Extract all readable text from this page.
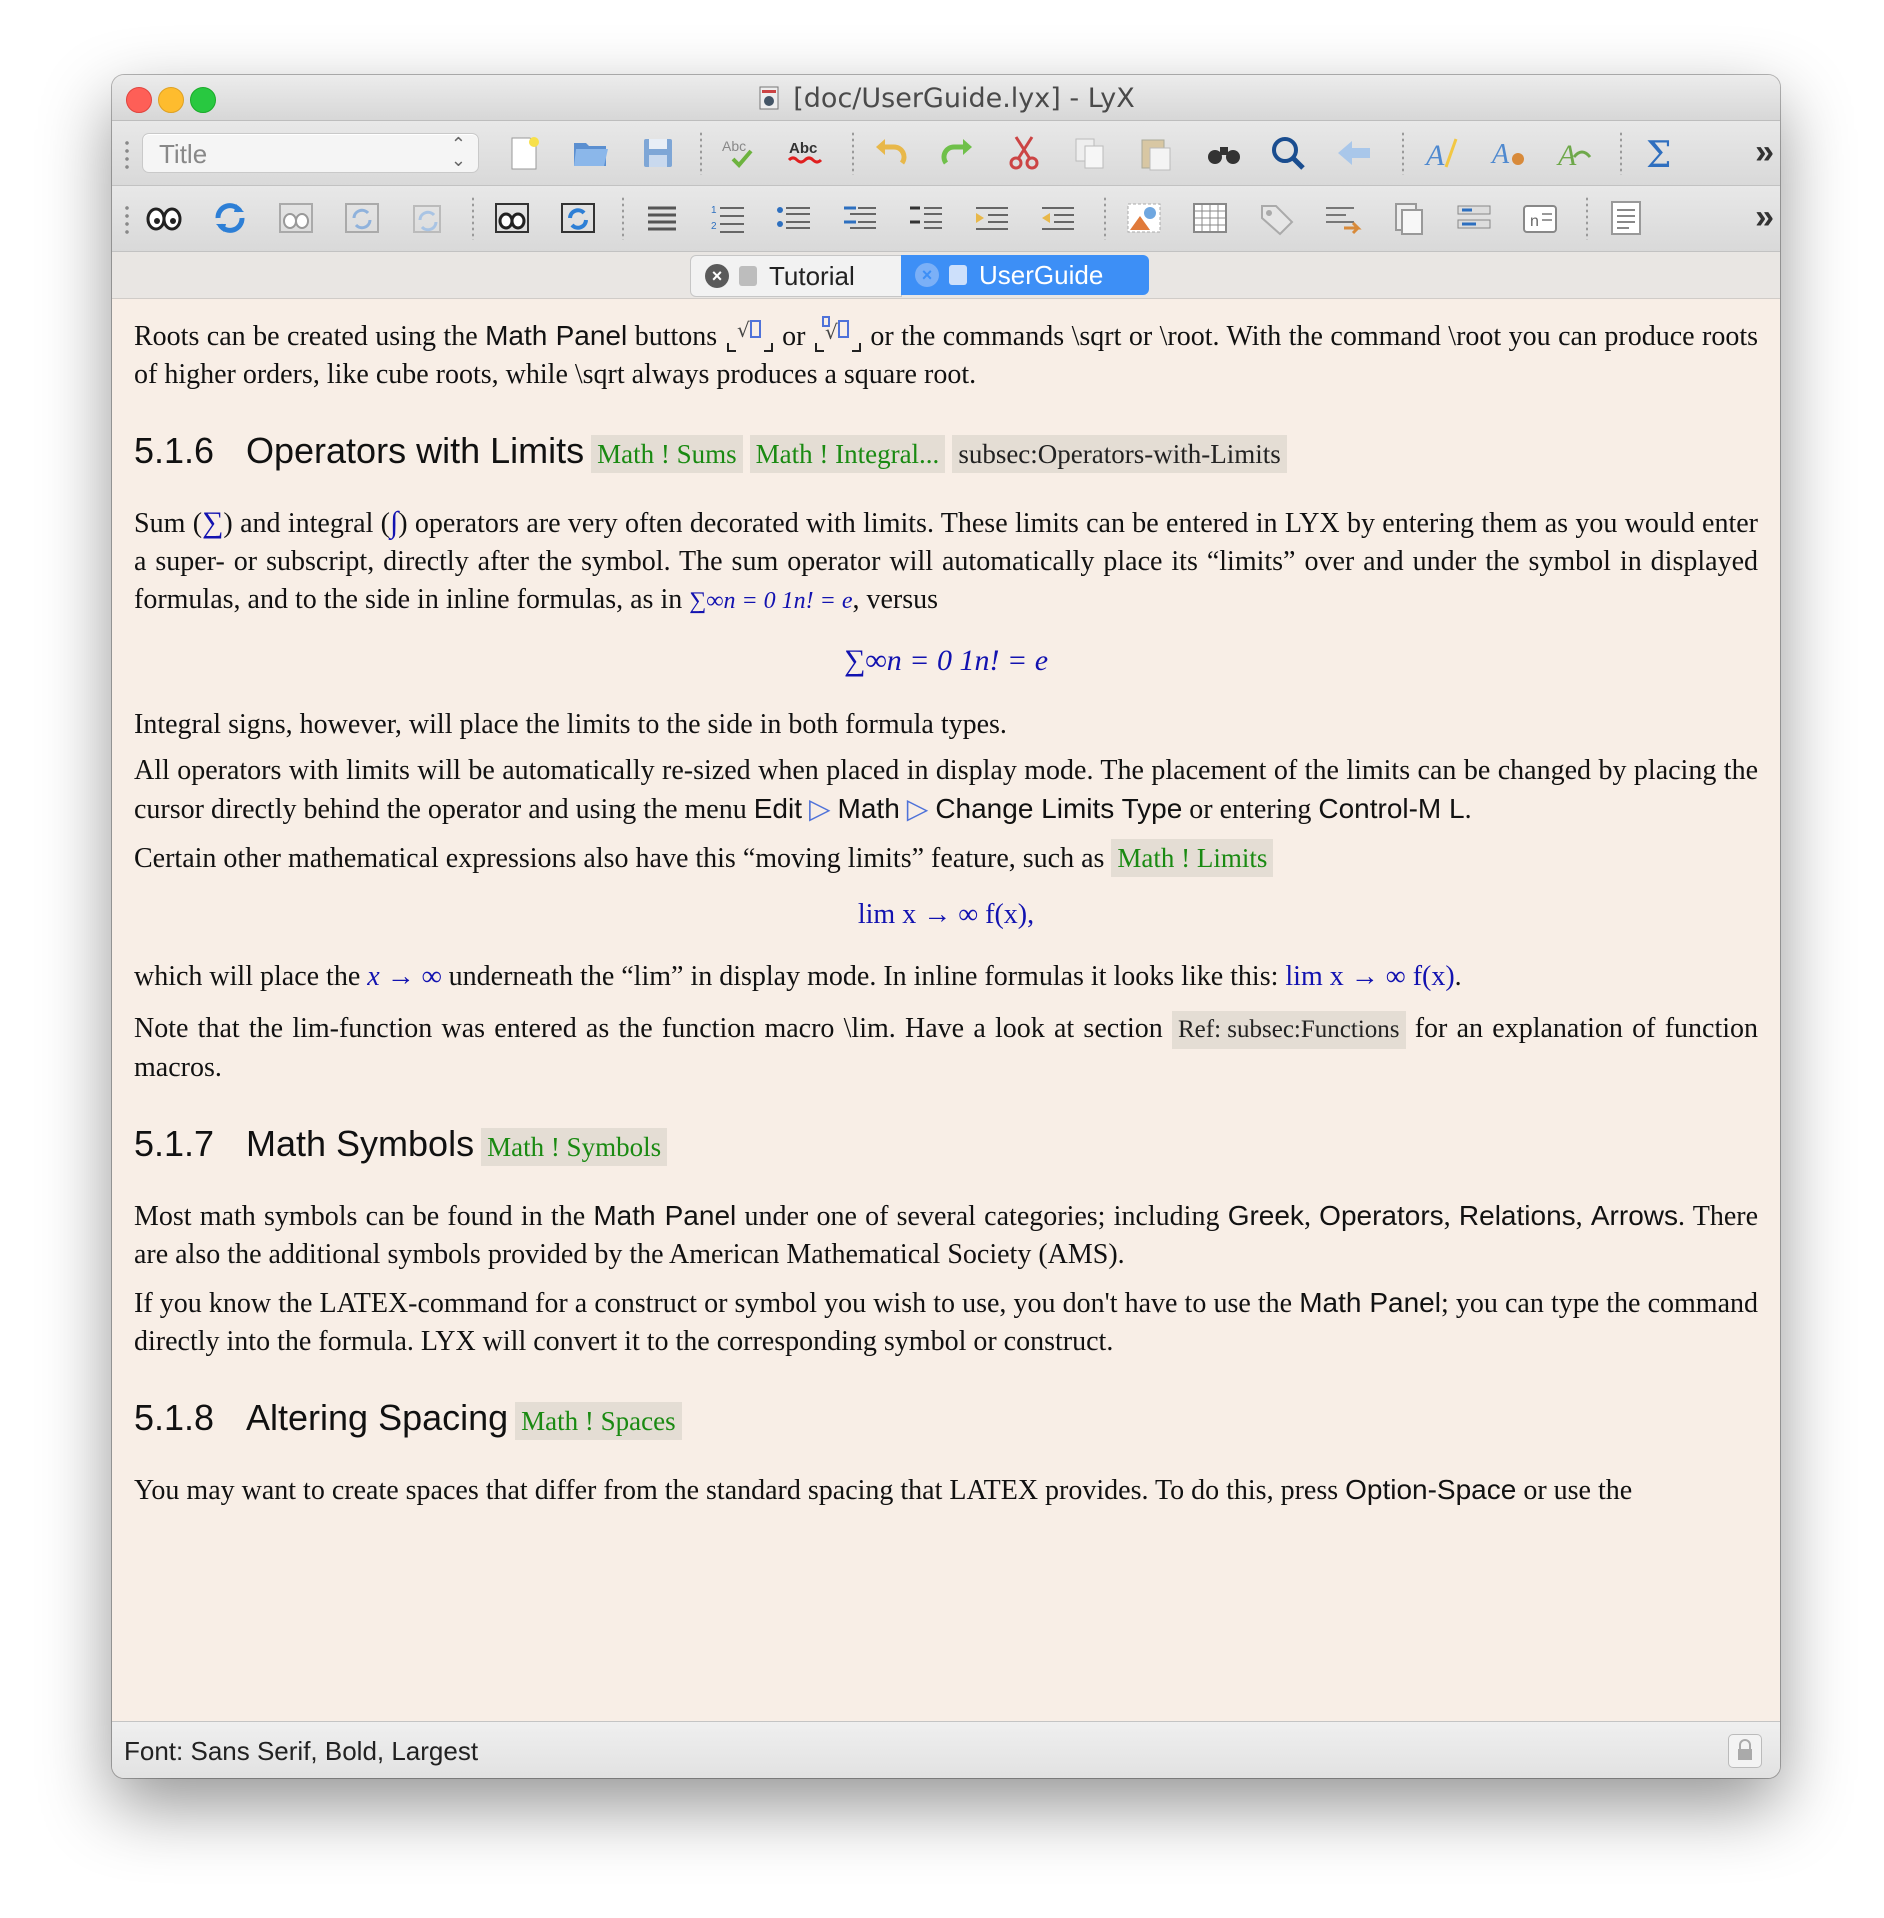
[doc/UserGuide.lyx] - LyX
Title	⌃
⌄
Abc	Abc	A A A Σ »
1
2	n	»
× Tutorial	× UserGuide

Roots can be created using the Math Panel buttons √ or √ or the commands \sqrt or \root. With the command \root you can produce roots of higher orders, like cube roots, while \sqrt always produces a square root.

5.1.6 Operators with Limits Math ! Sums Math ! Integral... subsec:Operators-with-Limits

Sum (∑) and integral (∫) operators are very often decorated with limits. These limits can be entered in LYX by entering them as you would enter a super- or subscript, directly after the symbol. The sum operator will automatically place its “limits” over and under the symbol in displayed formulas, and to the side in inline formulas, as in ∑∞n = 0 1n! = e, versus

∑∞n = 0 1n! = e

Integral signs, however, will place the limits to the side in both formula types.

All operators with limits will be automatically re-sized when placed in display mode. The placement of the limits can be changed by placing the cursor directly behind the operator and using the menu Edit ▷ Math ▷ Change Limits Type or entering Control-M L.

Certain other mathematical expressions also have this “moving limits” feature, such as Math ! Limits

lim x → ∞ f(x),

which will place the x → ∞ underneath the “lim” in display mode. In inline formulas it looks like this: lim x → ∞ f(x).

Note that the lim-function was entered as the function macro \lim. Have a look at section Ref: subsec:Functions for an explanation of function macros.

5.1.7 Math Symbols Math ! Symbols

Most math symbols can be found in the Math Panel under one of several categories; including Greek, Operators, Relations, Arrows. There are also the additional symbols provided by the American Mathematical Society (AMS).

If you know the LATEX-command for a construct or symbol you wish to use, you don't have to use the Math Panel; you can type the command directly into the formula. LYX will convert it to the corresponding symbol or construct.

5.1.8 Altering Spacing Math ! Spaces

You may want to create spaces that differ from the standard spacing that LATEX provides. To do this, press Option-Space or use the

Font: Sans Serif, Bold, Largest
